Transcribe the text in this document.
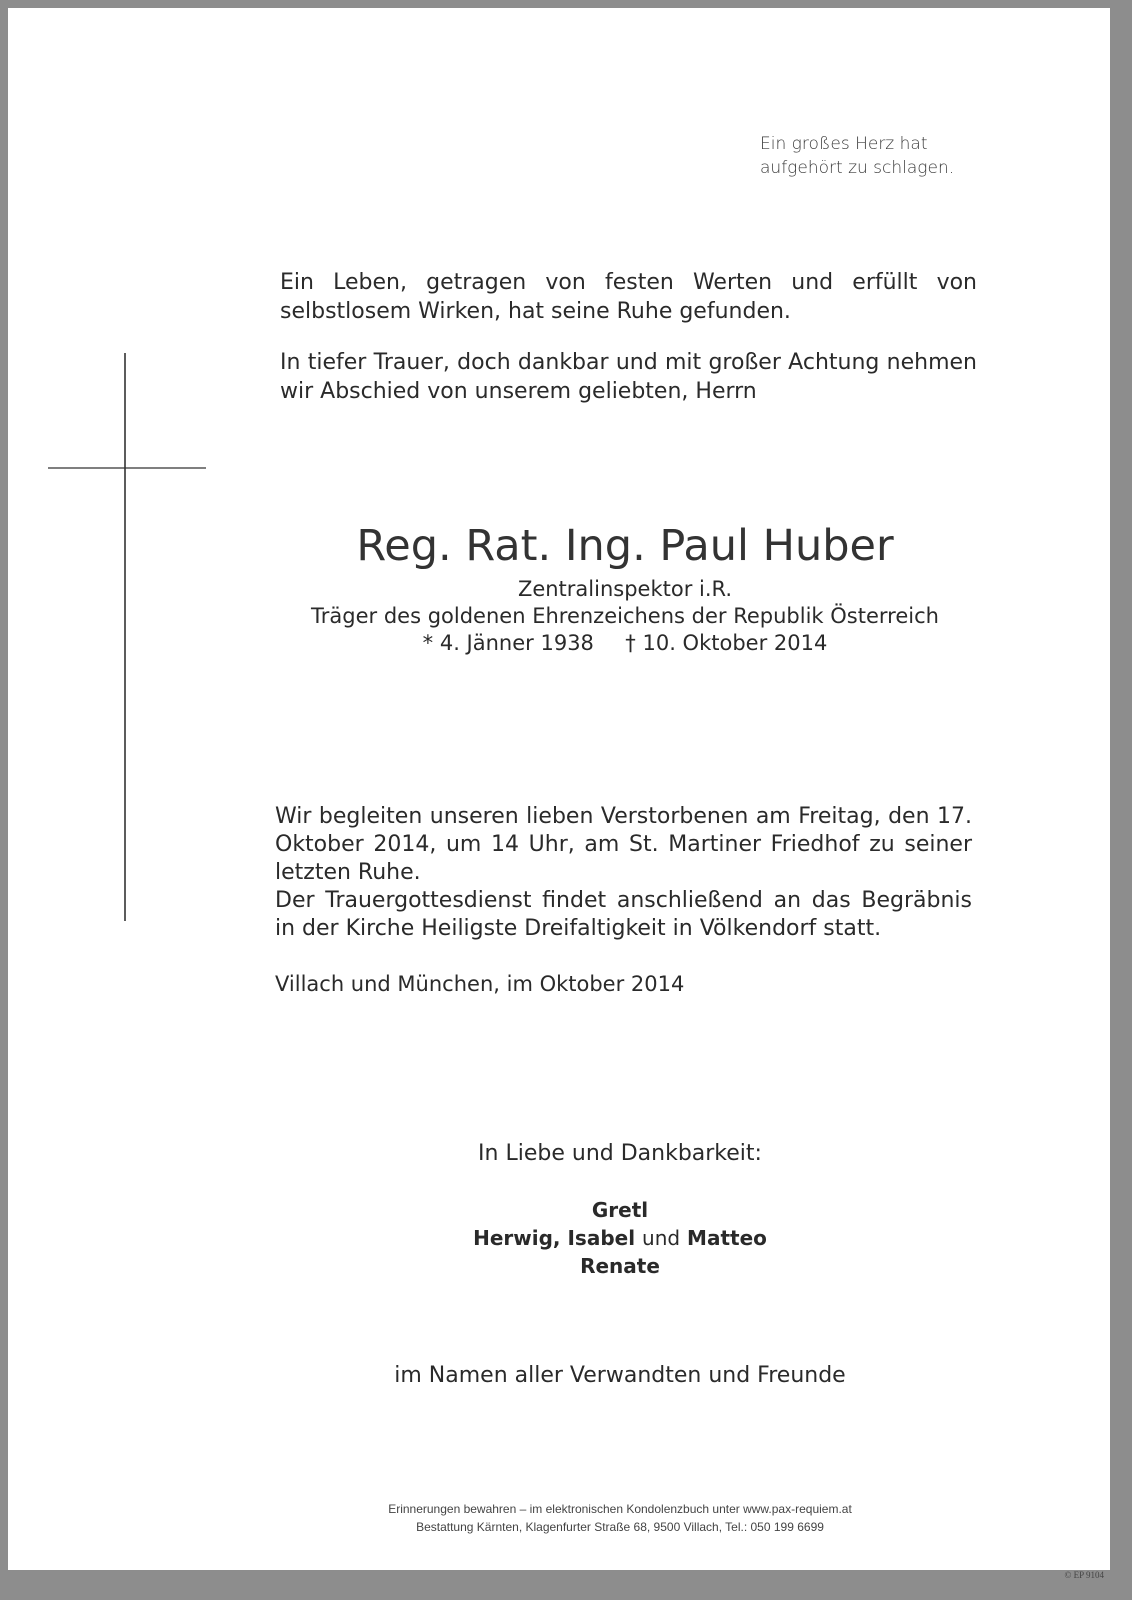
Ein großes Herz hat
aufgehört zu schlagen.

Ein Leben, getragen von festen Werten und erfüllt von selbstlosem Wirken, hat seine Ruhe gefunden.

In tiefer Trauer, doch dankbar und mit großer Achtung nehmen wir Abschied von unserem geliebten, Herrn

Reg. Rat. Ing. Paul Huber
Zentralinspektor i.R.
Träger des goldenen Ehrenzeichens der Republik Österreich
* 4. Jänner 1938 † 10. Oktober 2014
Wir begleiten unseren lieben Verstorbenen am Freitag, den 17. Oktober 2014, um 14 Uhr, am St. Martiner Friedhof zu seiner letzten Ruhe.
Der Trauergottesdienst findet anschließend an das Begräbnis in der Kirche Heiligste Dreifaltigkeit in Völkendorf statt.
Villach und München, im Oktober 2014
In Liebe und Dankbarkeit:
Gretl
Herwig, Isabel und Matteo
Renate
im Namen aller Verwandten und Freunde
Erinnerungen bewahren – im elektronischen Kondolenzbuch unter www.pax-requiem.at
Bestattung Kärnten, Klagenfurter Straße 68, 9500 Villach, Tel.: 050 199 6699
© EP 9104
